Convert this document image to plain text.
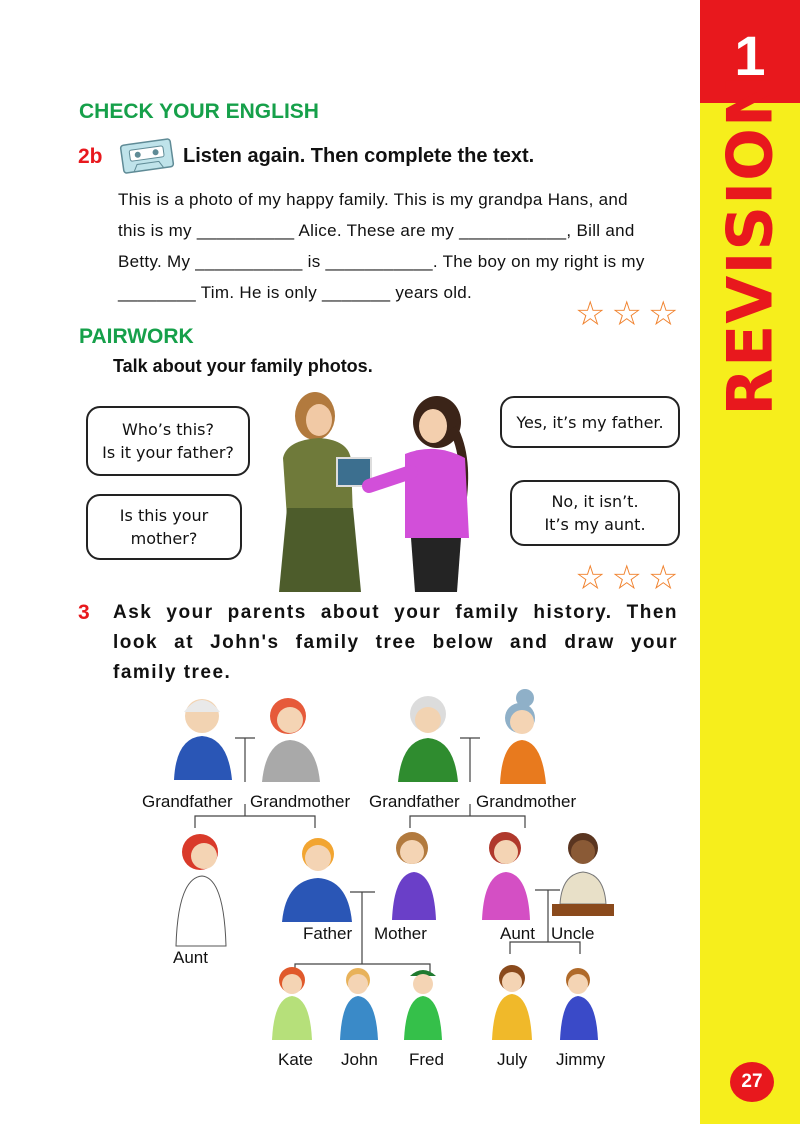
1
REVISION
27
CHECK YOUR ENGLISH
2b	Listen again. Then complete the text.
This is a photo of my happy family. This is my grandpa Hans, and
this is my __________ Alice. These are my ___________, Bill and
Betty. My ___________ is ___________. The boy on my right is my
________ Tim. He is only _______ years old.
☆☆☆
PAIRWORK
Talk about your family photos.
Who’s this?
Is it your father?
Is this your
mother?
Yes, it’s my father.
No, it isn’t.
It’s my aunt.
☆☆☆
3 Ask your parents about your family history. Then
look at John's family tree below and draw your
family tree.
Grandfather Grandmother Grandfather Grandmother
Aunt
Father Mother	Aunt Uncle
Kate John Fred	July Jimmy
